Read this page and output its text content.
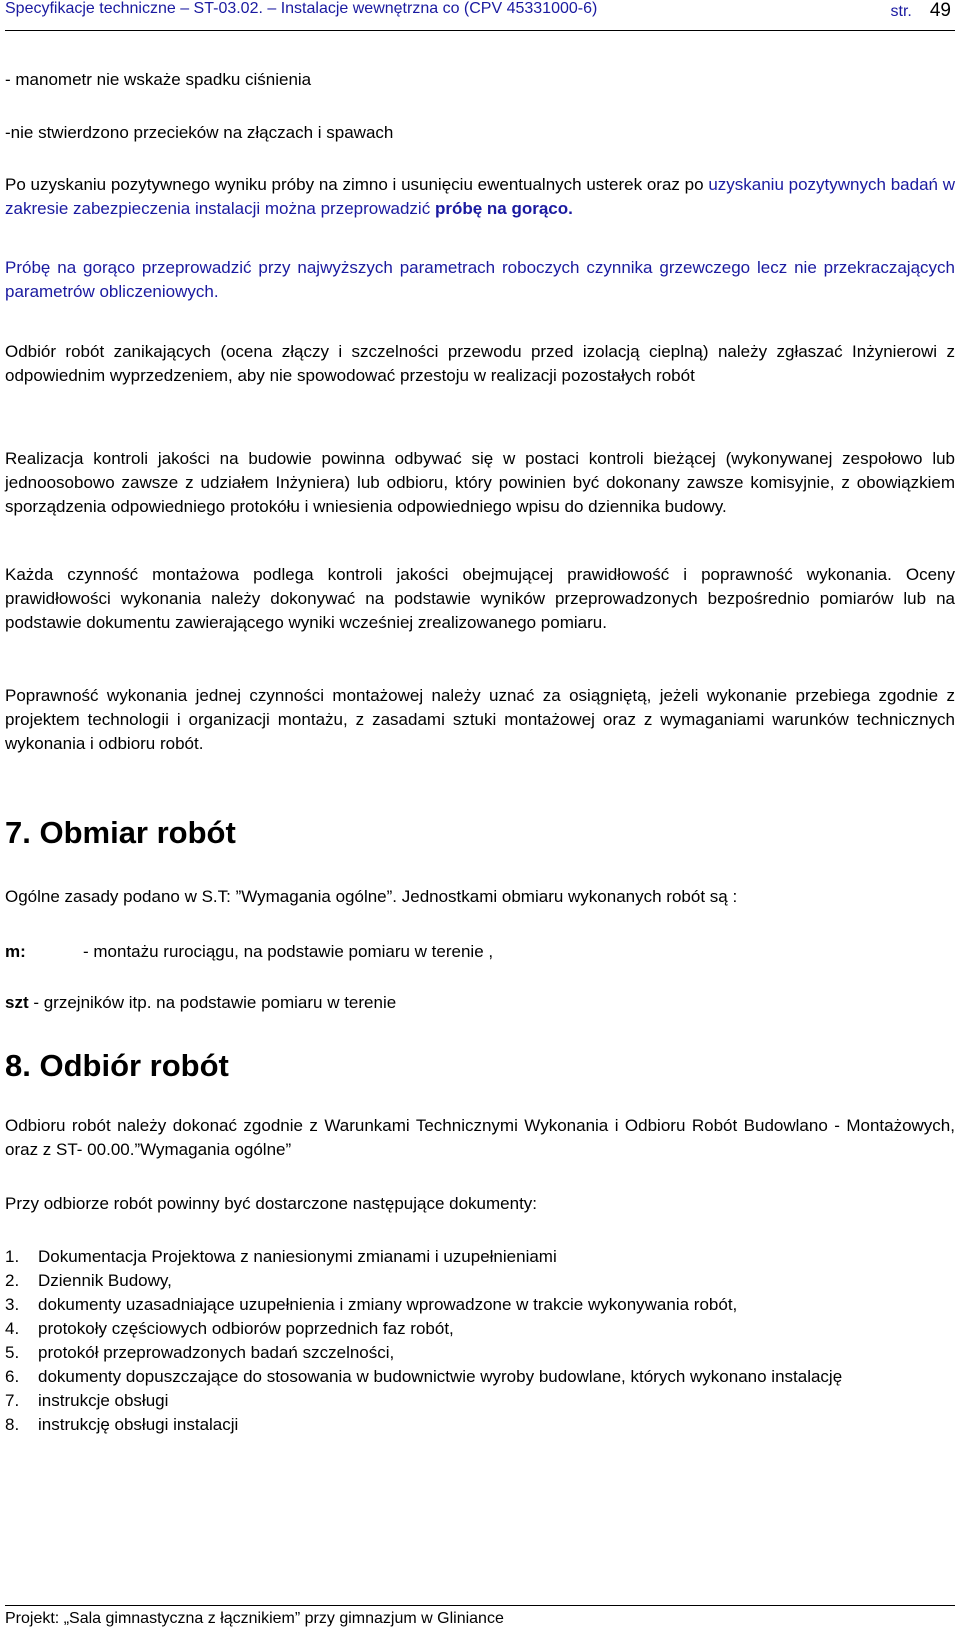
Specyfikacje techniczne – ST-03.02. – Instalacje wewnętrzna co (CPV 45331000-6)	str. 49

- manometr nie wskaże spadku ciśnienia

-nie stwierdzono przecieków na złączach i spawach

Po uzyskaniu pozytywnego wyniku próby na zimno i usunięciu ewentualnych usterek oraz po uzyskaniu pozytywnych badań w zakresie zabezpieczenia instalacji można przeprowadzić próbę na gorąco.

Próbę na gorąco przeprowadzić przy najwyższych parametrach roboczych czynnika grzewczego lecz nie przekraczających parametrów obliczeniowych.

Odbiór robót zanikających (ocena złączy i szczelności przewodu przed izolacją cieplną) należy zgłaszać Inżynierowi z odpowiednim wyprzedzeniem, aby nie spowodować przestoju w realizacji pozostałych robót

Realizacja kontroli jakości na budowie powinna odbywać się w postaci kontroli bieżącej (wykonywanej zespołowo lub jednoosobowo zawsze z udziałem Inżyniera) lub odbioru, który powinien być dokonany zawsze komisyjnie, z obowiązkiem sporządzenia odpowiedniego protokółu i wniesienia odpowiedniego wpisu do dziennika budowy.

Każda czynność montażowa podlega kontroli jakości obejmującej prawidłowość i poprawność wykonania. Oceny prawidłowości wykonania należy dokonywać na podstawie wyników przeprowadzonych bezpośrednio pomiarów lub na podstawie dokumentu zawierającego wyniki wcześniej zrealizowanego pomiaru.

Poprawność wykonania jednej czynności montażowej należy uznać za osiągniętą, jeżeli wykonanie przebiega zgodnie z projektem technologii i organizacji montażu, z zasadami sztuki montażowej oraz z wymaganiami warunków technicznych wykonania i odbioru robót.

7. Obmiar robót
Ogólne zasady podano w S.T: ”Wymagania ogólne”. Jednostkami obmiaru wykonanych robót są :
m:	- montażu rurociągu, na podstawie pomiaru w terenie ,
szt - grzejników itp. na podstawie pomiaru w terenie
8. Odbiór robót
Odbioru robót należy dokonać zgodnie z Warunkami Technicznymi Wykonania i Odbioru Robót Budowlano - Montażowych, oraz z ST- 00.00.”Wymagania ogólne”
Przy odbiorze robót powinny być dostarczone następujące dokumenty:
1. Dokumentacja Projektowa z naniesionymi zmianami i uzupełnieniami
2. Dziennik Budowy,
3. dokumenty uzasadniające uzupełnienia i zmiany wprowadzone w trakcie wykonywania robót,
4. protokoły częściowych odbiorów poprzednich faz robót,
5. protokół przeprowadzonych badań szczelności,
6. dokumenty dopuszczające do stosowania w budownictwie wyroby budowlane, których wykonano instalację
7. instrukcje obsługi
8. instrukcję obsługi instalacji
Projekt: „Sala gimnastyczna z łącznikiem” przy gimnazjum w Gliniance
